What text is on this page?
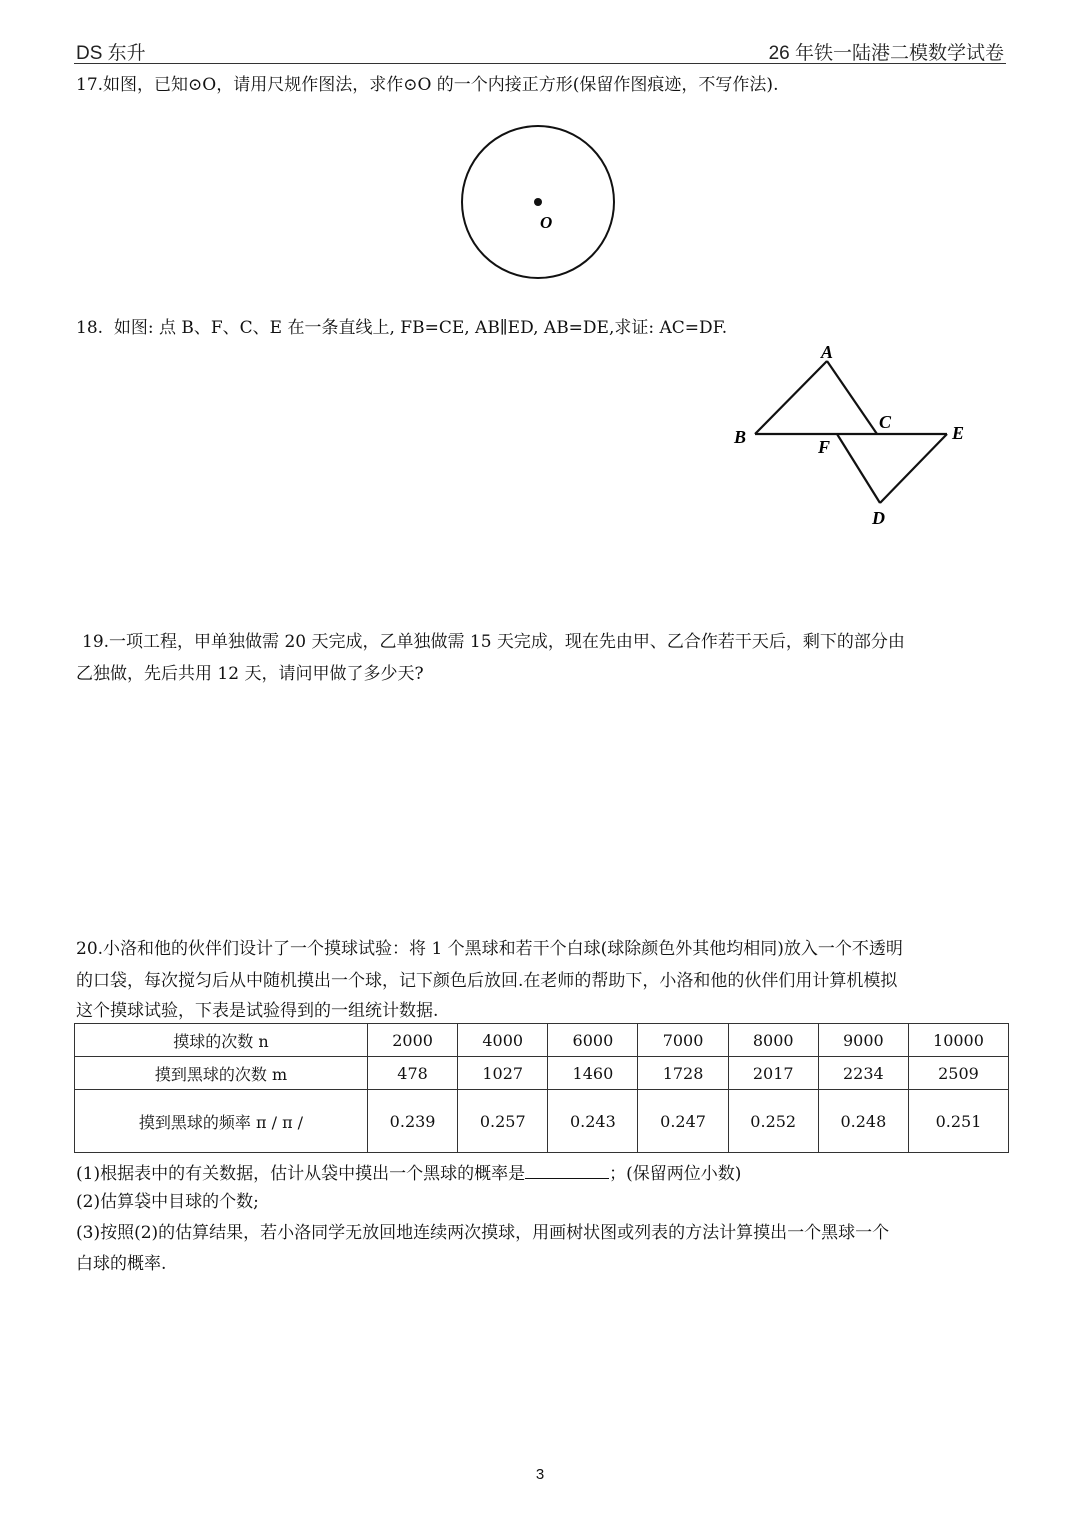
DS 东升	26 年铁一陆港二模数学试卷
17.如图，已知⊙O，请用尺规作图法，求作⊙O 的一个内接正方形(保留作图痕迹，不写作法).
O
18.  如图: 点 B、F、C、E 在一条直线上, FB=CE, AB∥ED, AB=DE,求证: AC=DF.
A
B
C
D
E
F
19.一项工程，甲单独做需 20 天完成，乙单独做需 15 天完成，现在先由甲、乙合作若干天后，剩下的部分由
乙独做，先后共用 12 天，请问甲做了多少天?
20.小洛和他的伙伴们设计了一个摸球试验：将 1 个黑球和若干个白球(球除颜色外其他均相同)放入一个不透明
的口袋，每次搅匀后从中随机摸出一个球，记下颜色后放回.在老师的帮助下，小洛和他的伙伴们用计算机模拟
这个摸球试验，下表是试验得到的一组统计数据.
摸球的次数 n	2000	4000	6000	7000	8000	9000	10000
摸到黑球的次数 m	478	1027	1460	1728	2017	2234	2509
摸到黑球的频率 π / π /	0.239	0.257	0.243	0.247	0.252	0.248	0.251
(1)根据表中的有关数据，估计从袋中摸出一个黑球的概率是	；(保留两位小数)
(2)估算袋中目球的个数;
(3)按照(2)的估算结果，若小洛同学无放回地连续两次摸球，用画树状图或列表的方法计算摸出一个黑球一个
白球的概率.
3
